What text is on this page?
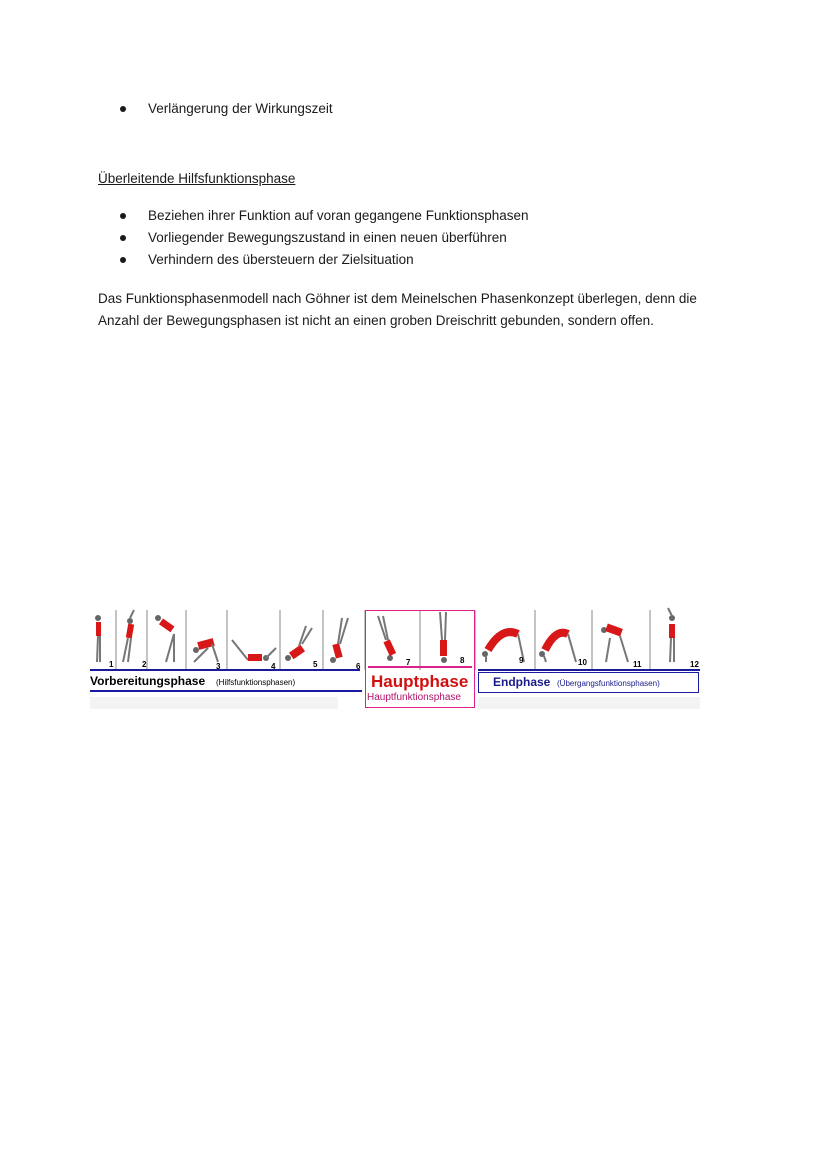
Verlängerung der Wirkungszeit
Überleitende Hilfsfunktionsphase
Beziehen ihrer Funktion auf voran gegangene Funktionsphasen
Vorliegender Bewegungszustand in einen neuen überführen
Verhindern des übersteuern der Zielsituation
Das Funktionsphasenmodell nach Göhner ist dem Meinelschen Phasenkonzept überlegen, denn die Anzahl der Bewegungsphasen ist nicht an einen groben Dreischritt gebunden, sondern offen.
1	2	3	4	5	6	7	8	9	10	11	12
Vorbereitungsphase (Hilfsfunktionsphasen)	Hauptphase
Hauptfunktionsphase
Endphase (Übergangsfunktionsphasen)
